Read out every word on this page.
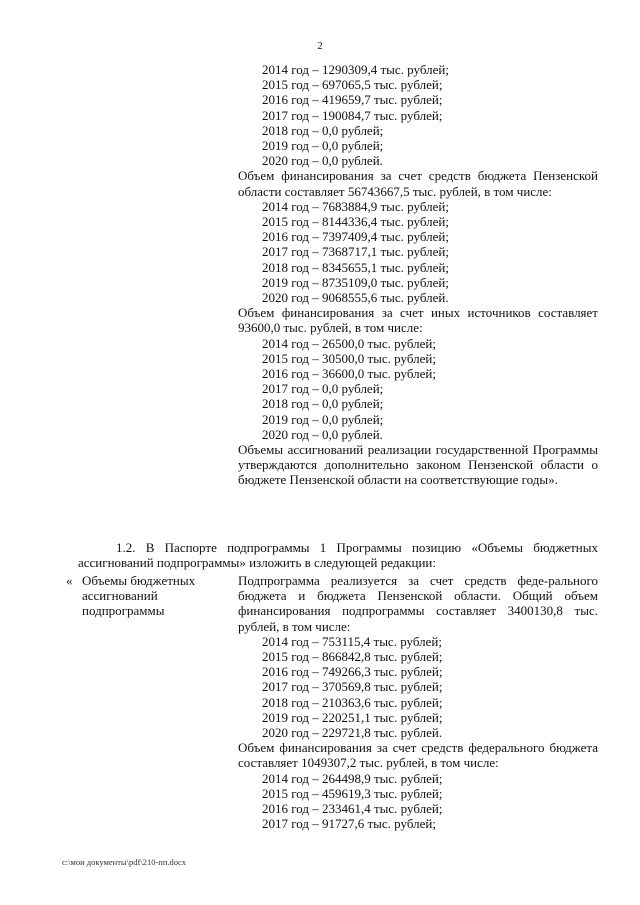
2
2014 год – 1290309,4 тыс. рублей;
2015 год – 697065,5 тыс. рублей;
2016 год – 419659,7 тыс. рублей;
2017 год – 190084,7 тыс. рублей;
2018 год – 0,0 рублей;
2019 год – 0,0 рублей;
2020 год – 0,0 рублей.
Объем финансирования за счет средств бюджета Пензенской области составляет 56743667,5 тыс. рублей, в том числе:
2014 год – 7683884,9 тыс. рублей;
2015 год – 8144336,4 тыс. рублей;
2016 год – 7397409,4 тыс. рублей;
2017 год – 7368717,1 тыс. рублей;
2018 год – 8345655,1 тыс. рублей;
2019 год – 8735109,0 тыс. рублей;
2020 год – 9068555,6 тыс. рублей.
Объем финансирования за счет иных источников составляет 93600,0 тыс. рублей, в том числе:
2014 год – 26500,0 тыс. рублей;
2015 год – 30500,0 тыс. рублей;
2016 год – 36600,0 тыс. рублей;
2017 год – 0,0 рублей;
2018 год – 0,0 рублей;
2019 год – 0,0 рублей;
2020 год – 0,0 рублей.
Объемы ассигнований реализации государственной Программы утверждаются дополнительно законом Пензенской области о бюджете Пензенской области на соответствующие годы».
1.2. В Паспорте подпрограммы 1 Программы позицию «Объемы бюджетных ассигнований подпрограммы» изложить в следующей редакции:
« Объемы бюджетных
ассигнований
подпрограммы
Подпрограмма реализуется за счет средств феде-рального бюджета и бюджета Пензенской области. Общий объем финансирования подпрограммы составляет 3400130,8 тыс. рублей, в том числе:
2014 год – 753115,4 тыс. рублей;
2015 год – 866842,8 тыс. рублей;
2016 год – 749266,3 тыс. рублей;
2017 год – 370569,8 тыс. рублей;
2018 год – 210363,6 тыс. рублей;
2019 год – 220251,1 тыс. рублей;
2020 год – 229721,8 тыс. рублей.
Объем финансирования за счет средств федерального бюджета составляет 1049307,2 тыс. рублей, в том числе:
2014 год – 264498,9 тыс. рублей;
2015 год – 459619,3 тыс. рублей;
2016 год – 233461,4 тыс. рублей;
2017 год – 91727,6 тыс. рублей;
c:\мои документы\pdf\210-пп.docx
